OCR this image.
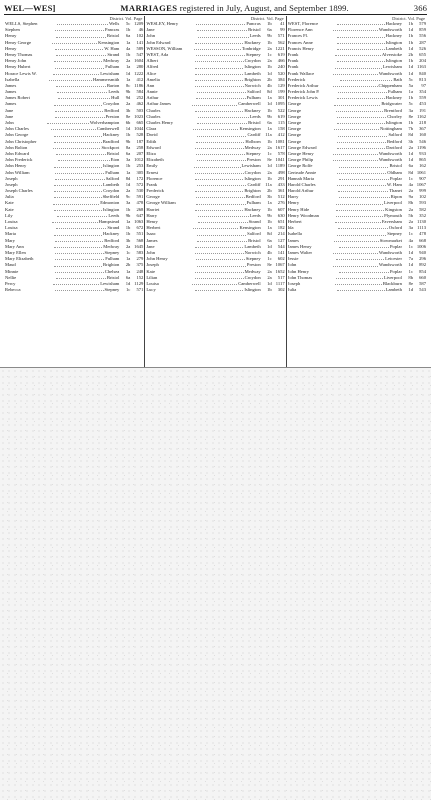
WEL—WES]	MARRIAGES registered in July, August, and September 1899.	366
District. Vol. Page
WELLS, Stephen	Wells	5c 1209
Stephen	Pancras	1b	46
Henry	Bristol	6a	102
Henry George	Kensington	1a	141
Henry	W. Ham	4a	589
Henry Thomas	Strand	1b	547
Henry John	Medway	2a 1604
Henry Hubert	Fulham	1a	280
Horace Lewis W.	Lewisham	1d 1222
Isabella	Hammersmith	1a	412
James	Barton	8c 1186
James	Leeds	9b	584
James Robert	Hull	9d	252
James	Croydon	2a	462
Jane	Bedford	3b	503
Jane	Preston	8e 1023
John	Wolverhampton	6b	665
John Charles	Camberwell	1d 1044
John George	Hackney	1b	528
John Christopher	Bradford	9b	187
John Bolton	Stockport	8a	258
John Edward	Bristol	6a	207
John Frederick	Eton	3a 1012
John Henry	Islington	1b	253
John William	Fulham	1a	305
Joseph	Salford	8d	172
Joseph	Lambeth	1d	572
Joseph Charles	Croydon	2a	530
Julia	Sheffield	9c	591
Kate	Edmonton	3a	478
Kate	Islington	1b	268
Lily	Leeds	9b	647
Louisa	Hampstead	1a 1063
Louisa	Strand	1b	672
Maria	Hackney	1b	551
Mary	Bedford	3b	568
Mary Ann	Medway	2a 1645
Mary Ellen	Stepney	1c	583
Mary Elizabeth	Fulham	1a	279
Maud	Brighton	2b	375
Minnie	Chelsea	1a	248
Nellie	Bristol	6a	152
Percy	Lewisham	1d 1129
Rebecca	Stepney	1c	571
District. Vol. Page
WESLEY, Henry	Pancras	1b	41
Jane	Bristol	6a	99
John	Leeds	9b	571
John Edward	Hackney	1b	562
WESSON, William	Tonbridge	2a 1221
WEST, Ada	Stepney	1c	619
Albert	Croydon	2a	466
Alfred	Islington	1b	240
Alice	Lambeth	1d	520
Amelia	Brighton	2b	384
Ann	Norwich	4b	129
Annie	Salford	8d	199
Arthur	Fulham	1a	301
Arthur James	Camberwell	1d 1095
Charles	Hackney	1b	522
Charles	Leeds	9b	619
Charles Henry	Bristol	6a	115
Clara	Kensington	1a	158
David	Cardiff 11a	412
Edith	Holborn	1b 1081
Edward	Medway	2a 1617
Eliza	Stepney	1c	578
Elizabeth	Preston	8e 1041
Emily	Lewisham	1d 1189
Ernest	Croydon	2a	498
Florence	Islington	1b	291
Frank	Cardiff 11a	433
Frederick	Brighton	2b	361
George	Bedford	3b	512
George William	Fulham	1a	276
Harriet	Hackney	1b	607
Harry	Leeds	9b	630
Henry	Strand	1b	651
Herbert	Kensington	1a	182
Isaac	Salford	8d	214
James	Bristol	6a	127
Jane	Lambeth	1d	544
John	Norwich	4b	141
John Henry	Stepney	1c	602
Joseph	Preston	8e 1067
Kate	Medway	2a 1652
Lilian	Croydon	2a	517
Louisa	Camberwell	1d 1117
Lucy	Islington	1b	302
District. Vol. Page
WEST, Florence	Hackney	1b	579
Florence Ann	Wandsworth	1d	859
Frances Fl.	Hackney	1b	556
Frances Anne	Islington	1b	287
Francis Henry	Lambeth	1d	526
Frank	Alverstoke	2b	655
Frank	Islington	1b	204
Frank	Lewisham	1d 1163
Frank Wallace	Wandsworth	1d	840
Frederick	Bath	5c	813
Frederick Arthur	Chippenham	5a	97
Frederick John P.	Fulham	1a	354
Frederick Lewis	Hackney	1b	559
George	Bridgwater	5c	453
George	Brentford	3a	191
George	Chorley	8e 1162
George	Islington	1b	218
George	Nottingham	7b	367
George	Salford	8d	160
George	Bedford	3b	546
George Edward	Dartford	2a 1196
George Henry	Wandsworth	1d	933
George Philip	Wandsworth	1d	865
George Rolfe	Bristol	6a	162
Gertrude Annie	Oldham	8d 1061
Hannah Maria	Poplar	1c	907
Harold Charles	W. Ham	4a 1067
Harold Arthur	Thanet	2a	999
Harry	Ripon	9a	102
Henry	Liverpool	8b	593
Henry Hide	Kingston	2a	582
Henry Woodman	Plymouth	5b	352
Herbert	Faversham	2a 1130
Ida	Oxford	3a 1113
Isabella	Stepney	1c	478
James	Stowmarket	4a	668
James Henry	Poplar	1c 1006
James Walter	Wandsworth	1d	940
Jessie	Leicester	7a	296
John	Wandsworth	1d	892
John Henry	Poplar	1c	854
John Thomas	Liverpool	8b	660
Joseph	Blackburn	8e	587
Julia	Lambeth	1d	543
